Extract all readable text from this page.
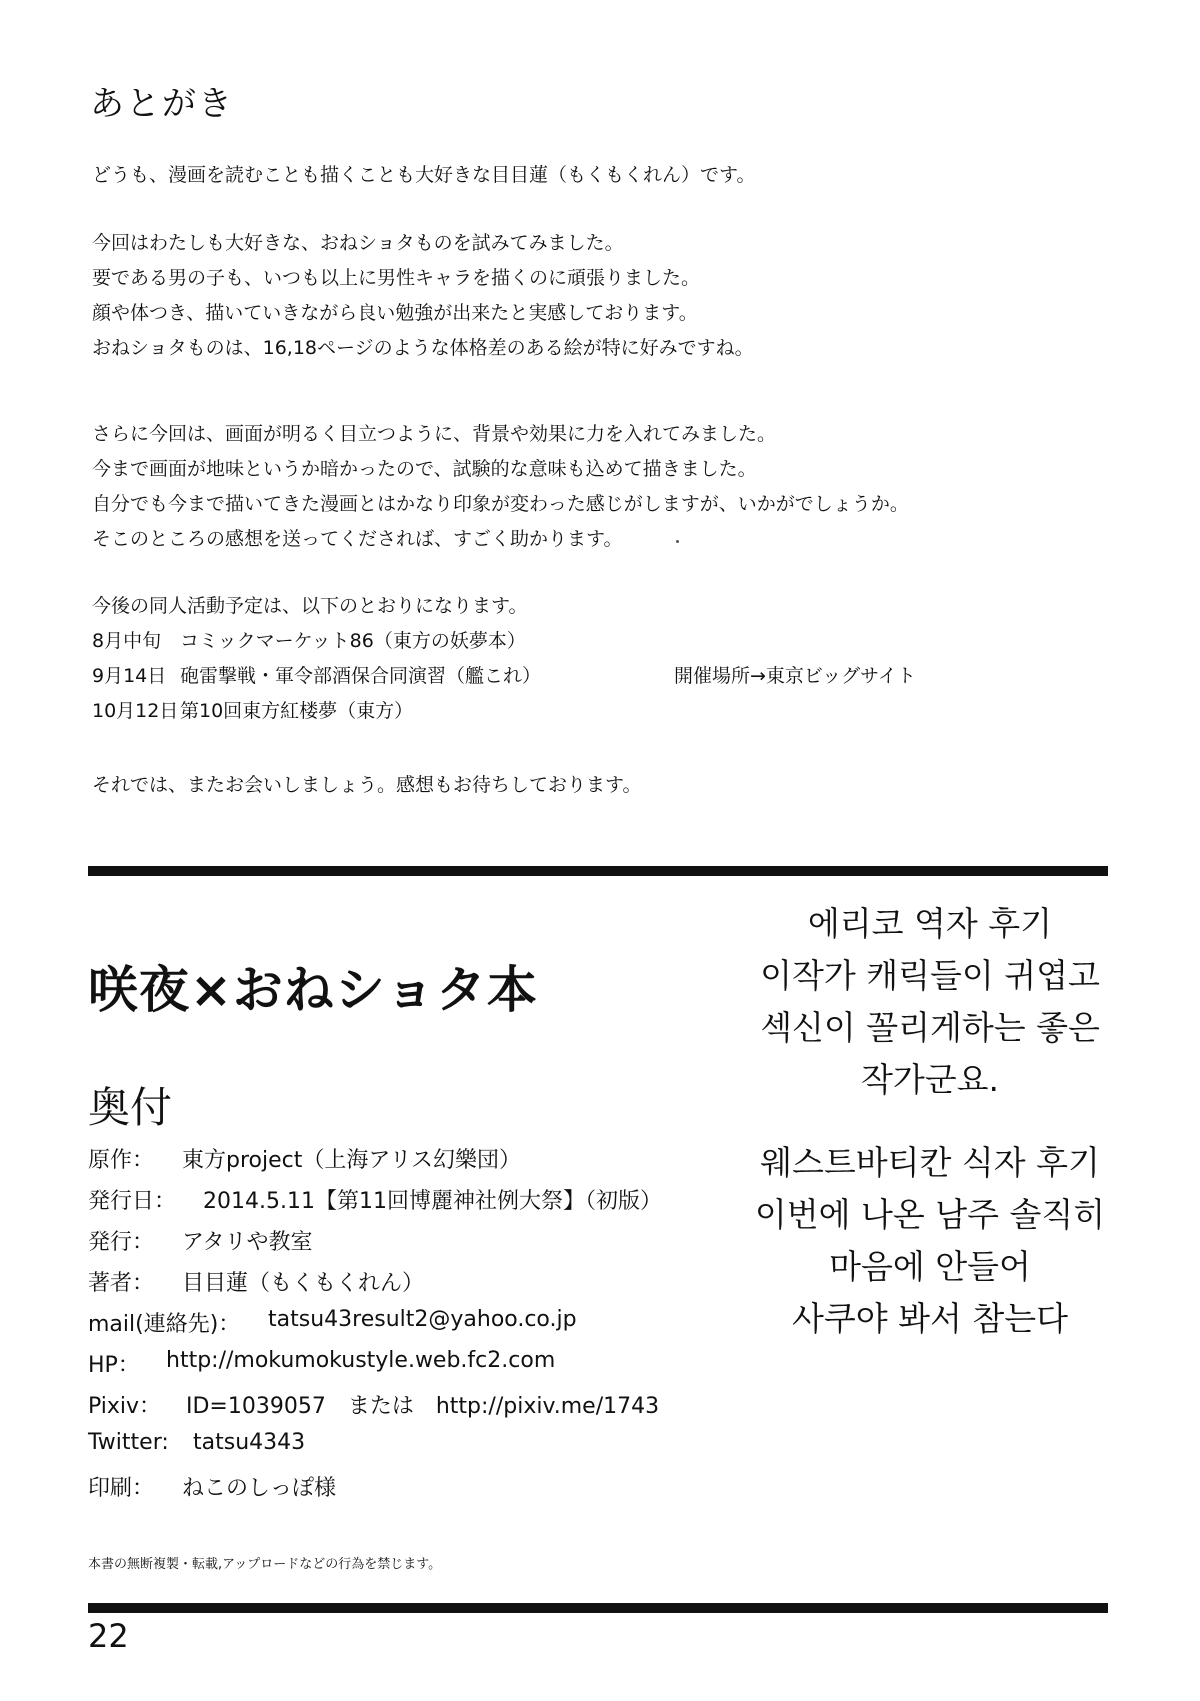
あとがき
どうも、漫画を読むことも描くことも大好きな目目蓮（もくもくれん）です。
今回はわたしも大好きな、おねショタものを試みてみました。
要である男の子も、いつも以上に男性キャラを描くのに頑張りました。
顔や体つき、描いていきながら良い勉強が出来たと実感しております。
おねショタものは、16,18ページのような体格差のある絵が特に好みですね。
さらに今回は、画面が明るく目立つように、背景や効果に力を入れてみました。
今まで画面が地味というか暗かったので、試験的な意味も込めて描きました。
自分でも今まで描いてきた漫画とはかなり印象が変わった感じがしますが、いかがでしょうか。
そこのところの感想を送ってくだされば、すごく助かります。
今後の同人活動予定は、以下のとおりになります。
8月中旬 コミックマーケット86（東方の妖夢本）
9月14日 砲雷撃戦・軍令部酒保合同演習（艦これ）	開催場所→東京ビッグサイト
10月12日第10回東方紅楼夢（東方）
それでは、またお会いしましょう。感想もお待ちしております。
咲夜×おねショタ本
奥付
原作： 東方project（上海アリス幻樂団）
発行日： 2014.5.11【第11回博麗神社例大祭】（初版）
発行： アタリや教室
著者： 目目蓮（もくもくれん）
mail(連絡先)： tatsu43result2@yahoo.co.jp
HP： http://mokumokustyle.web.fc2.com
Pixiv： ID=1039057　または　http://pixiv.me/1743
Twitter: tatsu4343
印刷： ねこのしっぽ様
本書の無断複製・転載,アップロードなどの行為を禁じます。
22
에리코 역자 후기
이작가 캐릭들이 귀엽고
섹신이 꼴리게하는 좋은
작가군요.
웨스트바티칸 식자 후기
이번에 나온 남주 솔직히
마음에 안들어
사쿠야 봐서 참는다
